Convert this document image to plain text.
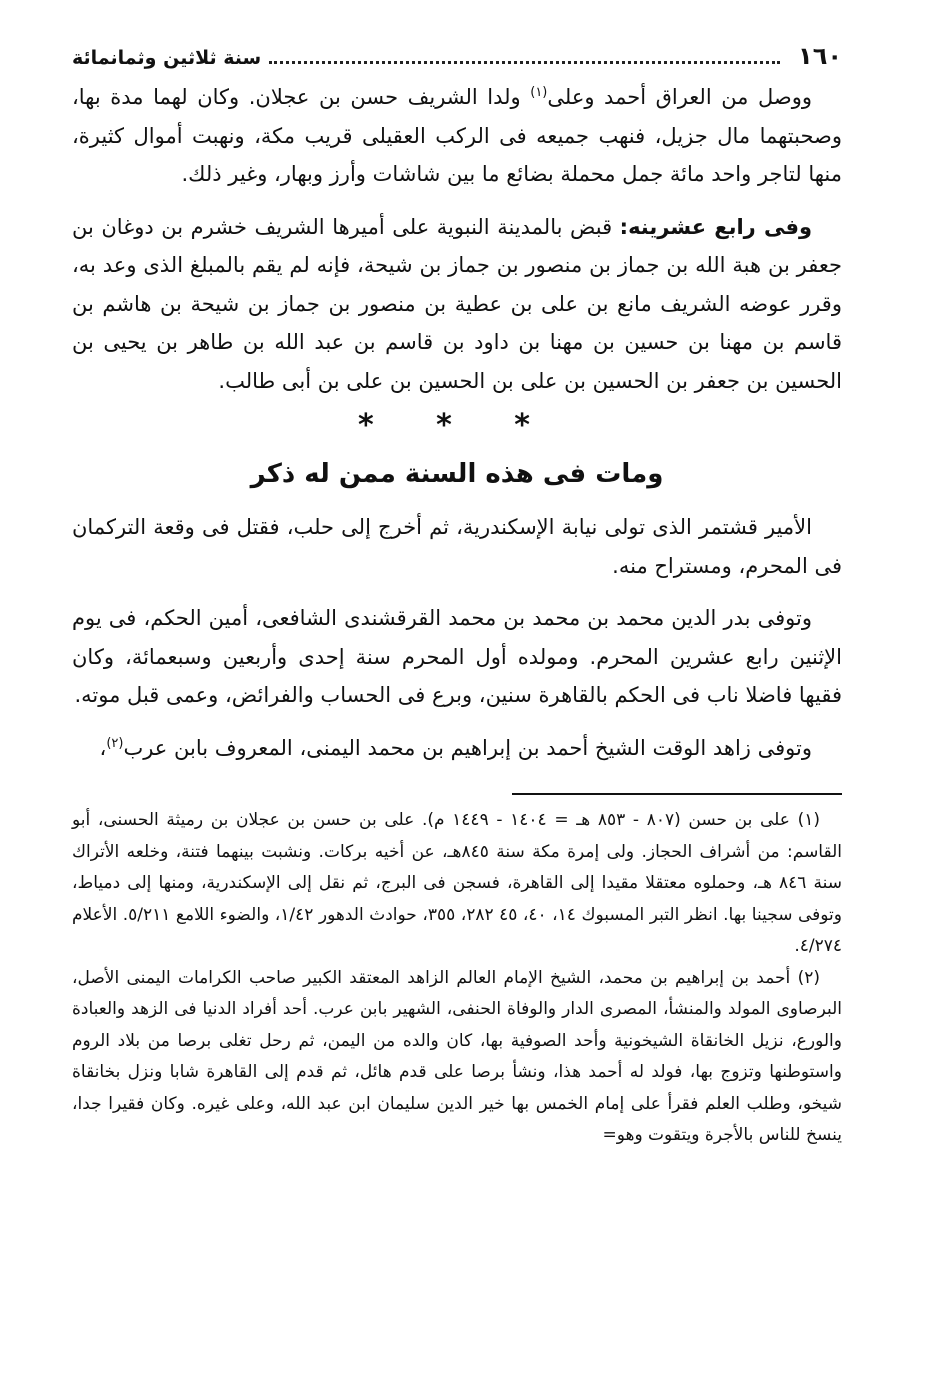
١٦٠
سنة ثلاثين وثمانمائة

ووصل من العراق أحمد وعلى$^{(١)}$ ولدا الشريف حسن بن عجلان. وكان لهما مدة بها، وصحبتهما مال جزيل، فنهب جميعه فى الركب العقيلى قريب مكة، ونهبت أموال كثيرة، منها لتاجر واحد مائة جمل محملة بضائع ما بين شاشات وأرز وبهار، وغير ذلك.

وفى رابع عشرينه: قبض بالمدينة النبوية على أميرها الشريف خشرم بن دوغان بن جعفر بن هبة الله بن جماز بن منصور بن جماز بن شيحة، فإنه لم يقم بالمبلغ الذى وعد به، وقرر عوضه الشريف مانع بن على بن عطية بن منصور بن جماز بن شيحة بن هاشم بن قاسم بن مهنا بن حسين بن مهنا بن داود بن قاسم بن عبد الله بن طاهر بن يحيى بن الحسين بن جعفر بن الحسين بن على بن الحسين بن على بن أبى طالب.

* * *
ومات فى هذه السنة ممن له ذكر

الأمير قشتمر الذى تولى نيابة الإسكندرية، ثم أخرج إلى حلب، فقتل فى وقعة التركمان فى المحرم، ومستراح منه.

وتوفى بدر الدين محمد بن محمد بن محمد القرقشندى الشافعى، أمين الحكم، فى يوم الإثنين رابع عشرين المحرم. ومولده أول المحرم سنة إحدى وأربعين وسبعمائة، وكان فقيها فاضلا ناب فى الحكم بالقاهرة سنين، وبرع فى الحساب والفرائض، وعمى قبل موته.

وتوفى زاهد الوقت الشيخ أحمد بن إبراهيم بن محمد اليمنى، المعروف بابن عرب$^{(٢)}$،

(١) على بن حسن (٨٠٧ - ٨٥٣ هـ = ١٤٠٤ - ١٤٤٩ م). على بن حسن بن عجلان بن رميثة الحسنى، أبو القاسم: من أشراف الحجاز. ولى إمرة مكة سنة ٨٤٥هـ، عن أخيه بركات. ونشبت بينهما فتنة، وخلعه الأتراك سنة ٨٤٦ هـ، وحملوه معتقلا مقيدا إلى القاهرة، فسجن فى البرج، ثم نقل إلى الإسكندرية، ومنها إلى دمياط، وتوفى سجينا بها. انظر التبر المسبوك ١٤، ٤٠، ٤٥ ٢٨٢، ٣٥٥، حوادث الدهور ١/٤٢، والضوء اللامع ٥/٢١١. الأعلام ٤/٢٧٤.

(٢) أحمد بن إبراهيم بن محمد، الشيخ الإمام العالم الزاهد المعتقد الكبير صاحب الكرامات اليمنى الأصل، البرصاوى المولد والمنشأ، المصرى الدار والوفاة الحنفى، الشهير بابن عرب. أحد أفراد الدنيا فى الزهد والعبادة والورع، نزيل الخانقاة الشيخونية وأحد الصوفية بها، كان والده من اليمن، ثم رحل تغلى برصا من بلاد الروم واستوطنها وتزوج بها، فولد له أحمد هذا، ونشأ برصا على قدم هائل، ثم قدم إلى القاهرة شابا ونزل بخانقاة شيخو، وطلب العلم فقرأ على إمام الخمس بها خير الدين سليمان ابن عبد الله، وعلى غيره. وكان فقيرا جدا، ينسخ للناس بالأجرة ويتقوت وهو=
